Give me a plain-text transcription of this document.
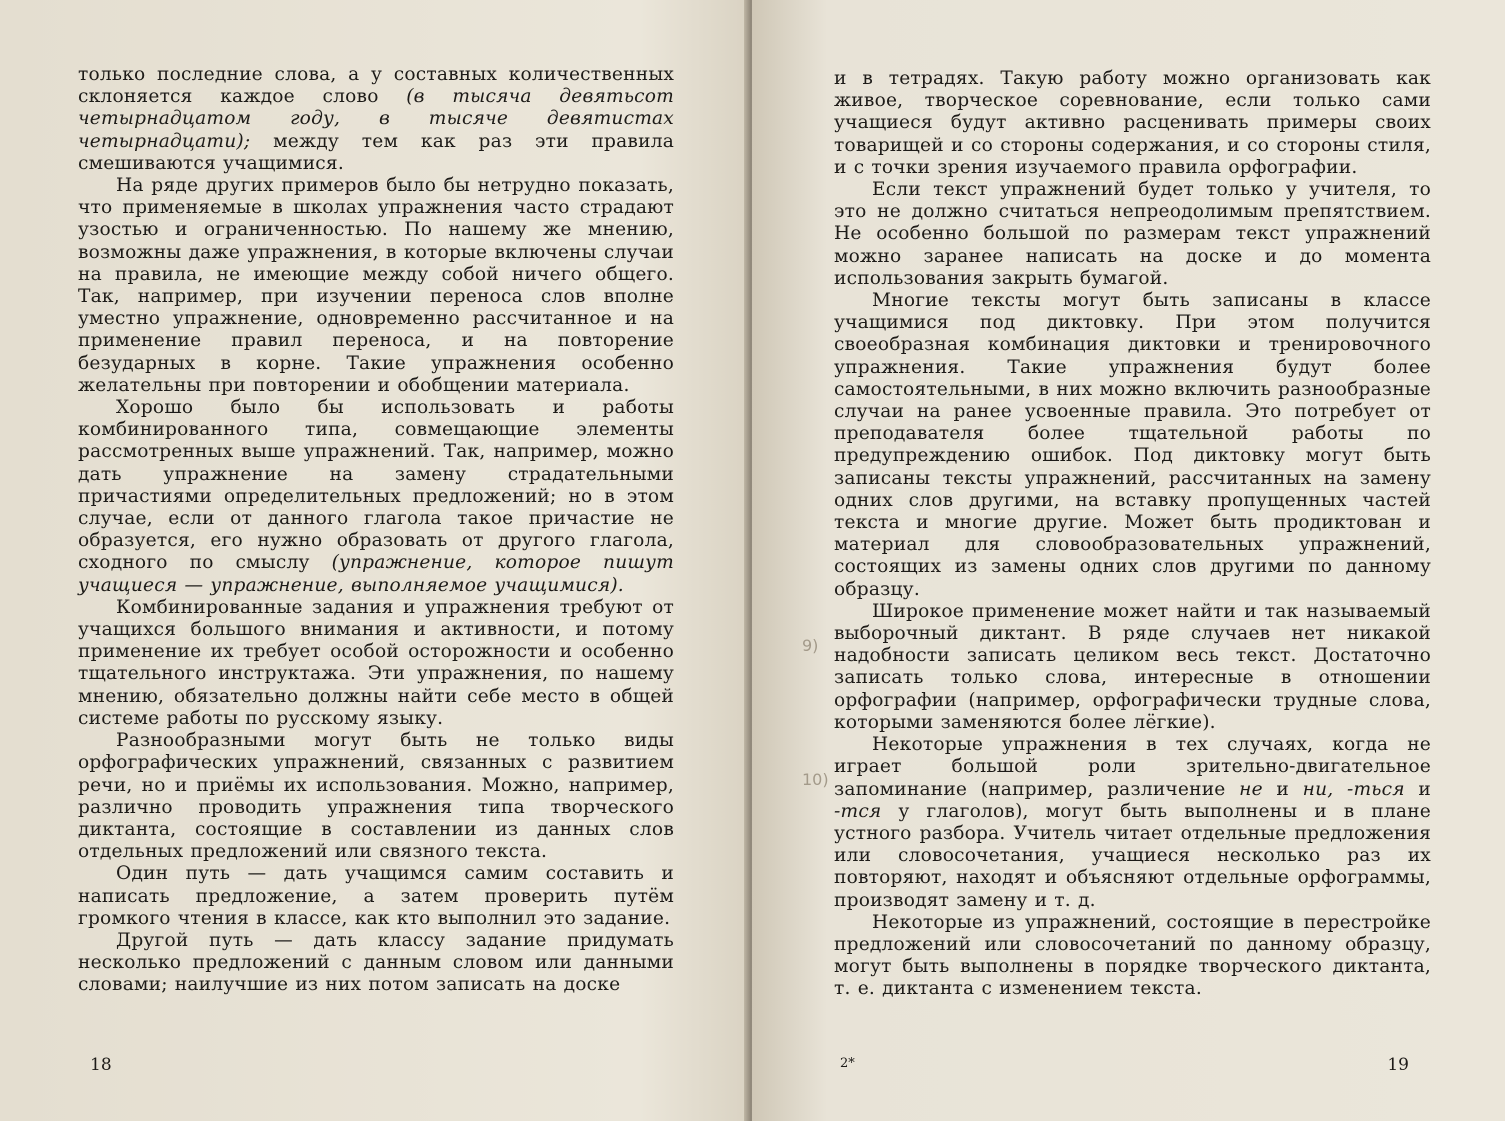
только последние слова, а у составных количественных склоняется каждое слово (в тысяча девятьсот четырнадцатом году, в тысяче девятистах четырнадцати); между тем как раз эти правила смешиваются учащимися.

На ряде других примеров было бы нетрудно показать, что применяемые в школах упражнения часто страдают узостью и ограниченностью. По нашему же мнению, возможны даже упражнения, в которые включены случаи на правила, не имеющие между собой ничего общего. Так, например, при изучении переноса слов вполне уместно упражнение, одновременно рассчитанное и на применение правил переноса, и на повторение безударных в корне. Такие упражнения особенно желательны при повторении и обобщении материала.

Хорошо было бы использовать и работы комбинированного типа, совмещающие элементы рассмотренных выше упражнений. Так, например, можно дать упражнение на замену страдательными причастиями определительных предложений; но в этом случае, если от данного глагола такое причастие не образуется, его нужно образовать от другого глагола, сходного по смыслу (упражнение, которое пишут учащиеся — упражнение, выполняемое учащимися).

Комбинированные задания и упражнения требуют от учащихся большого внимания и активности, и потому применение их требует особой осторожности и особенно тщательного инструктажа. Эти упражнения, по нашему мнению, обязательно должны найти себе место в общей системе работы по русскому языку.

Разнообразными могут быть не только виды орфографических упражнений, связанных с развитием речи, но и приёмы их использования. Можно, например, различно проводить упражнения типа творческого диктанта, состоящие в составлении из данных слов отдельных предложений или связного текста.

Один путь — дать учащимся самим составить и написать предложение, а затем проверить путём громкого чтения в классе, как кто выполнил это задание.

Другой путь — дать классу задание придумать несколько предложений с данным словом или данными словами; наилучшие из них потом записать на доске

18

и в тетрадях. Такую работу можно организовать как живое, творческое соревнование, если только сами учащиеся будут активно расценивать примеры своих товарищей и со стороны содержания, и со стороны стиля, и с точки зрения изучаемого правила орфографии.

Если текст упражнений будет только у учителя, то это не должно считаться непреодолимым препятствием. Не особенно большой по размерам текст упражнений можно заранее написать на доске и до момента использования закрыть бумагой.

Многие тексты могут быть записаны в классе учащимися под диктовку. При этом получится своеобразная комбинация диктовки и тренировочного упражнения. Такие упражнения будут более самостоятельными, в них можно включить разнообразные случаи на ранее усвоенные правила. Это потребует от преподавателя более тщательной работы по предупреждению ошибок. Под диктовку могут быть записаны тексты упражнений, рассчитанных на замену одних слов другими, на вставку пропущенных частей текста и многие другие. Может быть продиктован и материал для словообразовательных упражнений, состоящих из замены одних слов другими по данному образцу.

Широкое применение может найти и так называемый выборочный диктант. В ряде случаев нет никакой надобности записать целиком весь текст. Достаточно записать только слова, интересные в отношении орфографии (например, орфографически трудные слова, которыми заменяются более лёгкие).

Некоторые упражнения в тех случаях, когда не играет большой роли зрительно-двигательное запоминание (например, различение не и ни, -ться и -тся у глаголов), могут быть выполнены и в плане устного разбора. Учитель читает отдельные предложения или словосочетания, учащиеся несколько раз их повторяют, находят и объясняют отдельные орфограммы, производят замену и т. д.

Некоторые из упражнений, состоящие в перестройке предложений или словосочетаний по данному образцу, могут быть выполнены в порядке творческого диктанта, т. е. диктанта с изменением текста.

2*	19
9)
10)
